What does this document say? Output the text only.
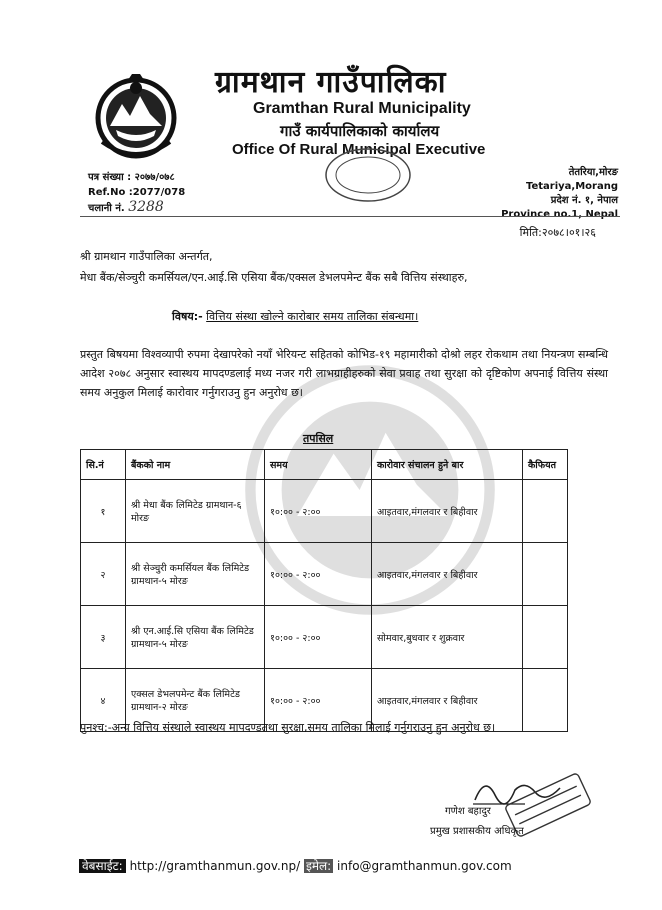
ग्रामथान गाउँपालिका
Gramthan Rural Municipality
गाउँ कार्यपालिकाको कार्यालय
Office Of Rural Municipal Executive
पत्र संख्या : २०७७/०७८
Ref.No :2077/078
चलानी नं. 3288
तेतरिया,मोरङ
Tetariya,Morang
प्रदेश नं. १, नेपाल
Province no.1, Nepal
मिति:२०७८।०१।२६
श्री ग्रामथान गाउँपालिका अन्तर्गत,
मेधा बैंक/सेञ्चुरी कमर्सियल/एन.आई.सि एसिया बैंक/एक्सल डेभलपमेन्ट बैंक सबै वित्तिय संस्थाहरु,
विषय:- वित्तिय संस्था खोल्ने कारोबार समय तालिका संबन्धमा।
प्रस्तुत बिषयमा विश्वव्यापी रुपमा देखापरेको नयाँ भेरियन्ट सहितको कोभिड-१९ महामारीको दोश्रो लहर रोकथाम तथा नियन्त्रण सम्बन्धि आदेश २०७८ अनुसार स्वास्थय मापदण्डलाई मध्य नजर गरी लाभग्राहीहरुको सेवा प्रवाह तथा सुरक्षा को दृष्टिकोण अपनाई वित्तिय संस्था समय अनुकुल मिलाई कारोवार गर्नुगराउनु हुन अनुरोध छ।
तपसिल
सि.नं	बैंकको नाम	समय	कारोवार संचालन हुने बार	कैफियत
१	श्री मेधा बैंक लिमिटेड ग्रामथान-६ मोरङ	१०:०० - २:००	आइतवार,मंगलवार र बिहीवार	
२	श्री सेञ्चुरी कमर्सियल बैंक लिमिटेड ग्रामथान-५ मोरङ	१०:०० - २:००	आइतवार,मंगलवार र बिहीवार	
३	श्री एन.आई.सि एसिया बैंक लिमिटेड ग्रामथान-५ मोरङ	१०:०० - २:००	सोमवार,बुधवार र शुक्रवार	
४	एक्सल डेभलपमेन्ट बैंक लिमिटेड ग्रामथान-२ मोरङ	१०:०० - २:००	आइतवार,मंगलवार र बिहीवार	
पुनश्च:-अन्य वित्तिय संस्थाले स्वास्थय मापदण्डतथा सुरक्षा,समय तालिका मिलाई गर्नुगराउनु हुन अनुरोध छ।
गणेश बहादुर
प्रमुख प्रशासकीय अधिकृत
वेबसाईट: http://gramthanmun.gov.np/ इमेल: info@gramthanmun.gov.com
